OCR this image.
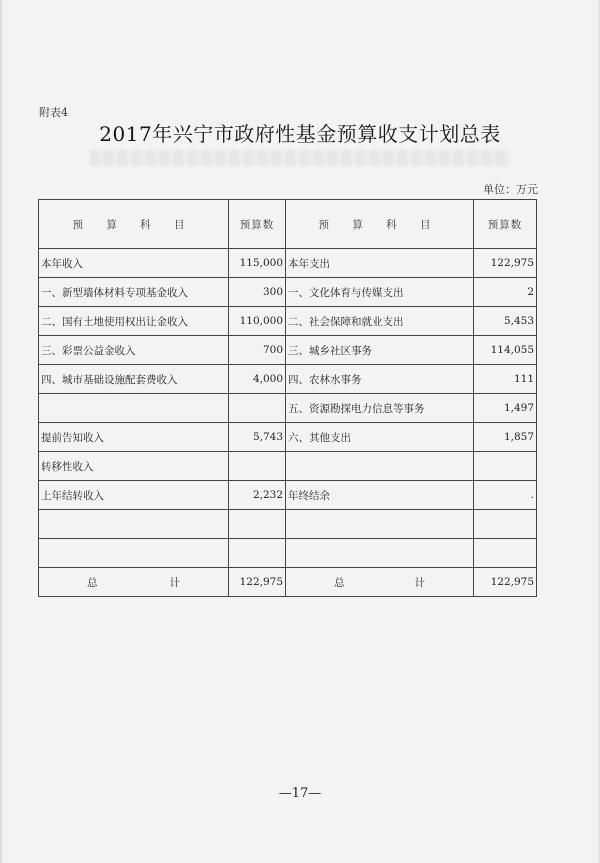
附表4
2017年兴宁市政府性基金预算收支计划总表
单位：万元
预 算 科 目	预算数	预 算 科 目	预算数
本年收入	115,000	本年支出	122,975
一、新型墙体材料专项基金收入	300	一、文化体育与传媒支出	2
二、国有土地使用权出让金收入	110,000	二、社会保障和就业支出	5,453
三、彩票公益金收入	700	三、城乡社区事务	114,055
四、城市基础设施配套费收入	4,000	四、农林水事务	111
		五、资源勘探电力信息等事务	1,497
提前告知收入	5,743	六、其他支出	1,857
转移性收入			
上年结转收入	2,232	年终结余	.

总 计	122,975	总 计	122,975
—17—
